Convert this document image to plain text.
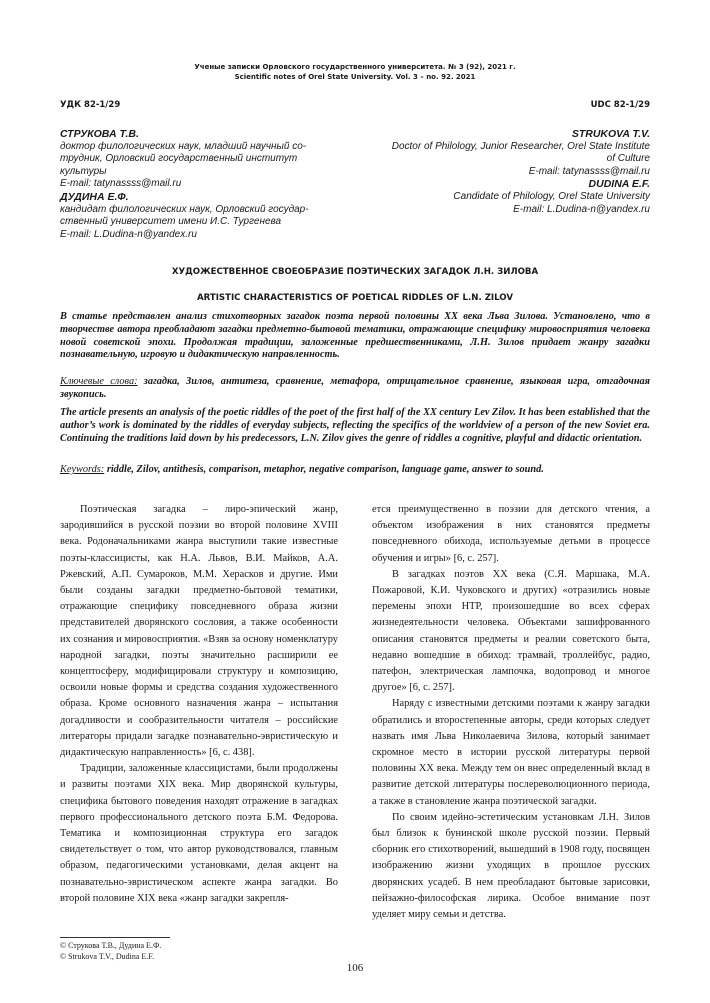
Ученые записки Орловского государственного университета. № 3 (92), 2021 г.
Scientific notes of Orel State University. Vol. 3 – no. 92. 2021
УДК 82-1/29	UDC 82-1/29
СТРУКОВА Т.В.
доктор филологических наук, младший научный со-
трудник, Орловский государственный институт
культуры
E-mail: tatynassss@mail.ru
ДУДИНА Е.Ф.
кандидат филологических наук, Орловский государ-
ственный университет имени И.С. Тургенева
E-mail: L.Dudina-n@yandex.ru
STRUKOVA T.V.
Doctor of Philology, Junior Researcher, Orel State Institute
of Culture
E-mail: tatynassss@mail.ru
DUDINA E.F.
Candidate of Philology, Orel State University
E-mail: L.Dudina-n@yandex.ru
ХУДОЖЕСТВЕННОЕ СВОЕОБРАЗИЕ ПОЭТИЧЕСКИХ ЗАГАДОК Л.Н. ЗИЛОВА
ARTISTIC CHARACTERISTICS OF POETICAL RIDDLES OF L.N. ZILOV
В статье представлен анализ стихотворных загадок поэта первой половины XX века Льва Зилова. Установлено, что в творчестве автора преобладают загадки предметно-бытовой тематики, отражающие специфику мировосприятия человека новой советской эпохи. Продолжая традиции, заложенные предшественниками, Л.Н. Зилов придает жанру загадки познавательную, игровую и дидактическую направленность.
Ключевые слова: загадка, Зилов, антитеза, сравнение, метафора, отрицательное сравнение, языковая игра, отгадочная звукопись.
The article presents an analysis of the poetic riddles of the poet of the first half of the XX century Lev Zilov. It has been established that the author’s work is dominated by the riddles of everyday subjects, reflecting the specifics of the worldview of a person of the new Soviet era. Continuing the traditions laid down by his predecessors, L.N. Zilov gives the genre of riddles a cognitive, playful and didactic orientation.
Keywords: riddle, Zilov, antithesis, comparison, metaphor, negative comparison, language game, answer to sound.

Поэтическая загадка – лиро-эпический жанр, зародившийся в русской поэзии во второй половине XVIII века. Родоначальниками жанра выступили такие известные поэты-классицисты, как Н.А. Львов, В.И. Майков, А.А. Ржевский, А.П. Сумароков, М.М. Херасков и другие. Ими были созданы загадки предметно-бытовой тематики, отражающие специфику повседневного образа жизни представителей дворянского сословия, а также особенности их сознания и мировосприятия. «Взяв за основу номенклатуру народной загадки, поэты значительно расширили ее концептосферу, модифицировали структуру и композицию, освоили новые формы и средства создания художественного образа. Кроме основного назначения жанра – испытания догадливости и сообразительности читателя – российские литераторы придали загадке познавательно-эвристическую и дидактическую направленность» [6, с. 438].

Традиции, заложенные классицистами, были продолжены и развиты поэтами XIX века. Мир дворянской культуры, специфика бытового поведения находят отражение в загадках первого профессионального детского поэта Б.М. Федорова. Тематика и композиционная структура его загадок свидетельствует о том, что автор руководствовался, главным образом, педагогическими установками, делая акцент на познавательно-эвристическом аспекте жанра загадки. Во второй половине XIX века «жанр загадки закрепля-

ется преимущественно в поэзии для детского чтения, а объектом изображения в них становятся предметы повседневного обихода, используемые детьми в процессе обучения и игры» [6, с. 257].

В загадках поэтов XX века (С.Я. Маршака, М.А. Пожаровой, К.И. Чуковского и других) «отразились новые перемены эпохи НТР, произошедшие во всех сферах жизнедеятельности человека. Объектами зашифрованного описания становятся предметы и реалии советского быта, недавно вошедшие в обиход: трамвай, троллейбус, радио, патефон, электрическая лампочка, водопровод и многое другое» [6, с. 257].

Наряду с известными детскими поэтами к жанру загадки обратились и второстепенные авторы, среди которых следует назвать имя Льва Николаевича Зилова, который занимает скромное место в истории русской литературы первой половины XX века. Между тем он внес определенный вклад в развитие детской литературы послереволюционного периода, а также в становление жанра поэтической загадки.

По своим идейно-эстетическим установкам Л.Н. Зилов был близок к бунинской школе русской поэзии. Первый сборник его стихотворений, вышедший в 1908 году, посвящен изображению жизни уходящих в прошлое русских дворянских усадеб. В нем преобладают бытовые зарисовки, пейзажно-философская лирика. Особое внимание поэт уделяет миру семьи и детства.

© Струкова Т.В., Дудина Е.Ф.
© Strukova T.V., Dudina E.F.
106
